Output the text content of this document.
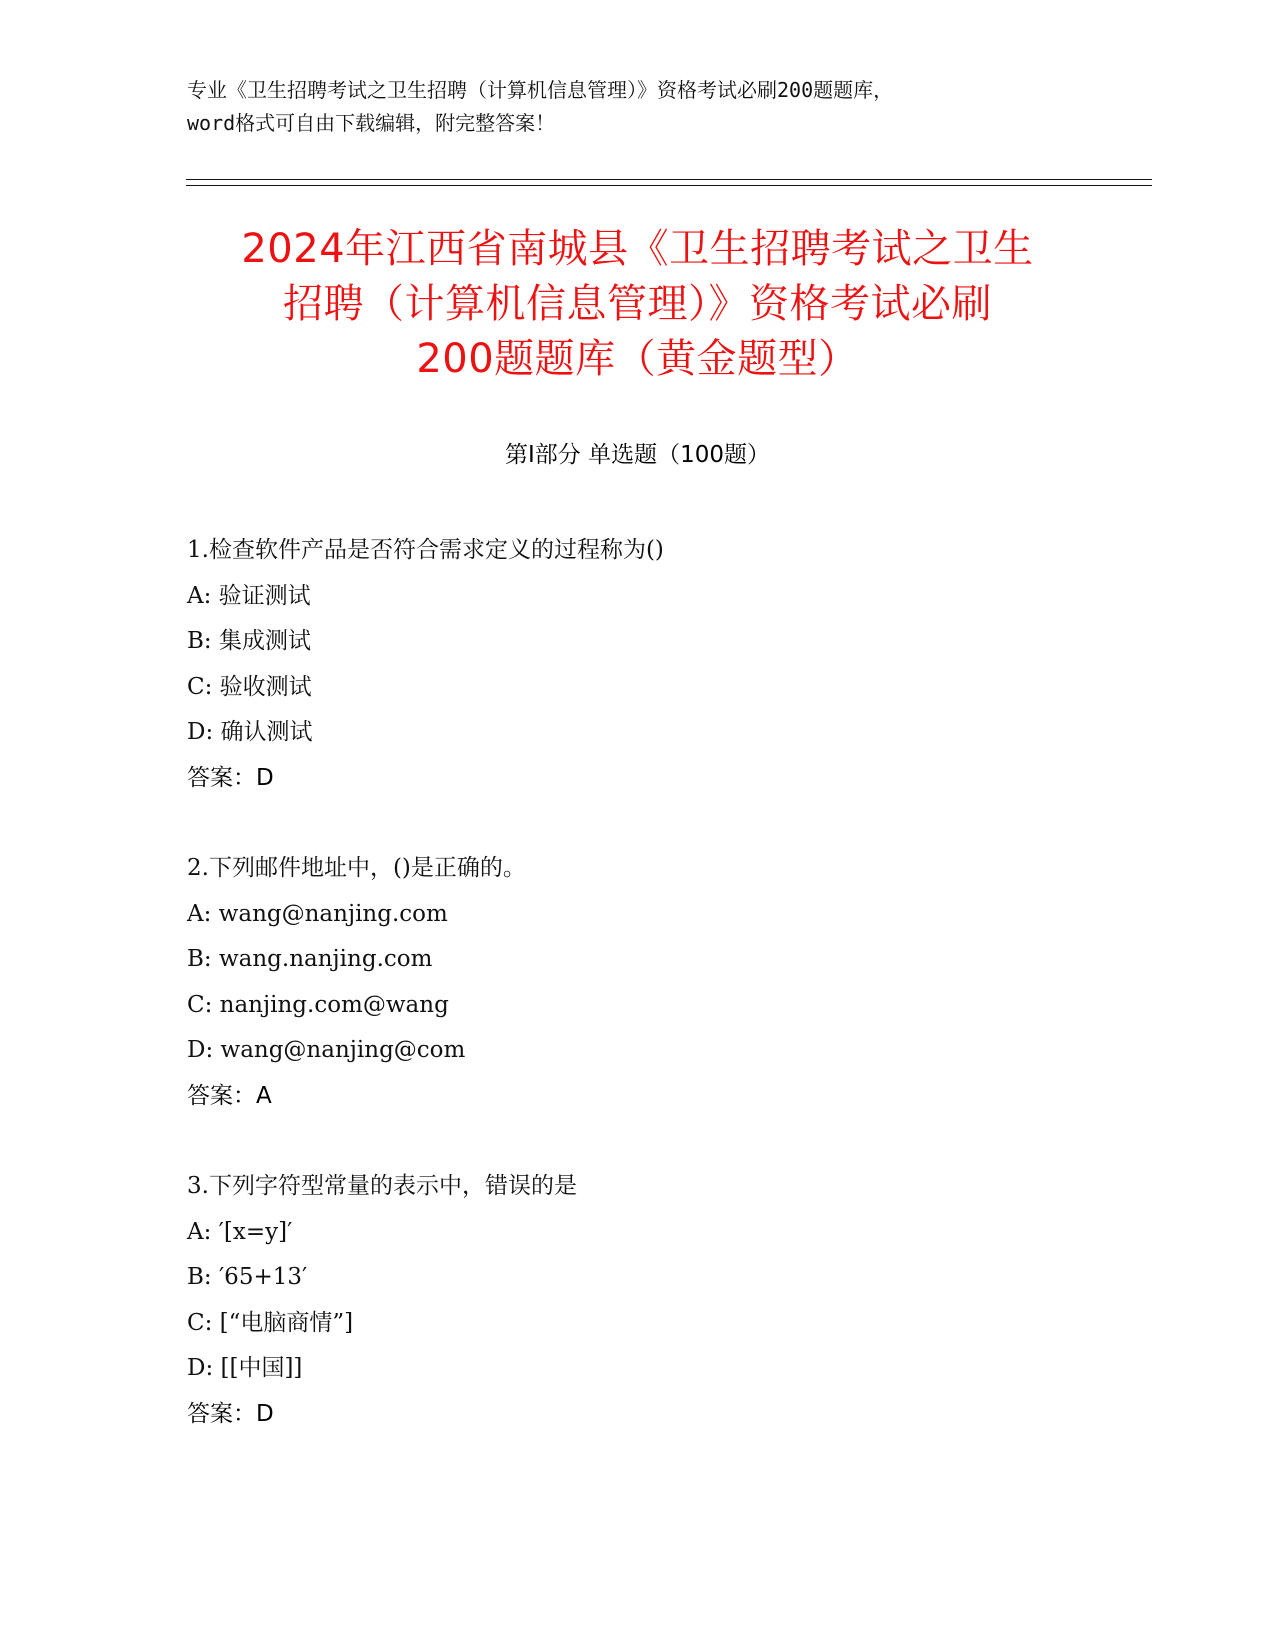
专业《卫生招聘考试之卫生招聘（计算机信息管理）》资格考试必刷200题题库，
word格式可自由下载编辑，附完整答案！
2024年江西省南城县《卫生招聘考试之卫生
招聘（计算机信息管理）》资格考试必刷
200题题库（黄金题型）
第Ⅰ部分 单选题（100题）
1.检查软件产品是否符合需求定义的过程称为()
A: 验证测试
B: 集成测试
C: 验收测试
D: 确认测试
答案：D
2.下列邮件地址中，()是正确的。
A: wang@nanjing.com
B: wang.nanjing.com
C: nanjing.com@wang
D: wang@nanjing@com
答案：A
3.下列字符型常量的表示中，错误的是
A: ′[x=y]′
B: ′65+13′
C: [“电脑商情”]
D: [[中国]]
答案：D
